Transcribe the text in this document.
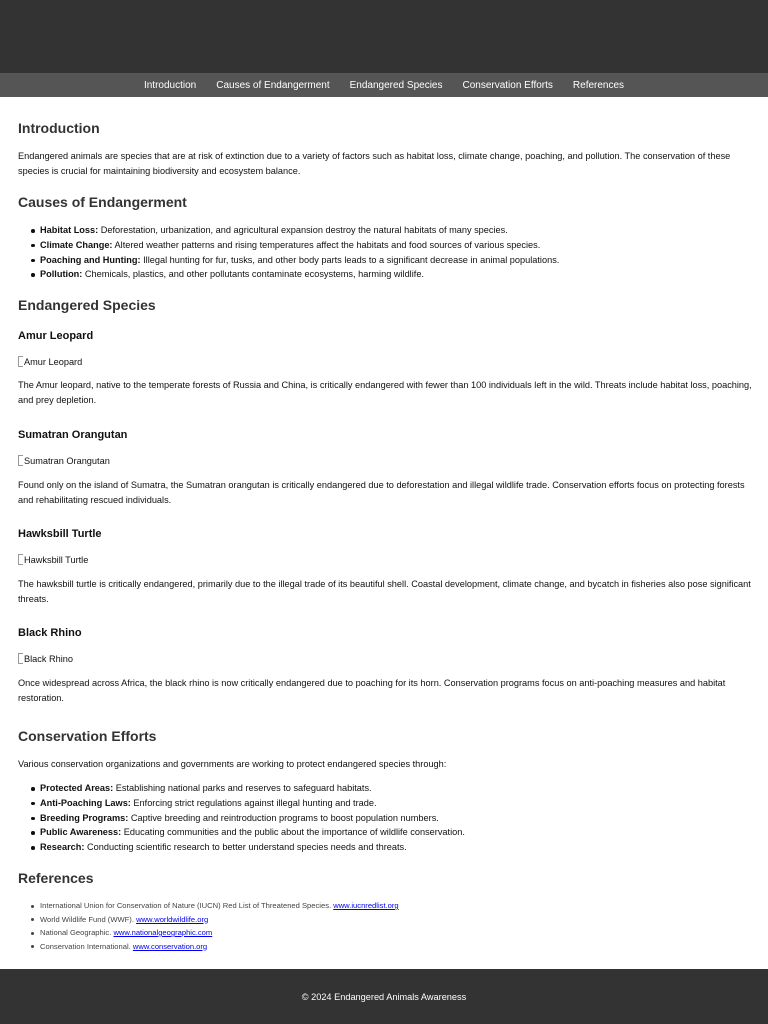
Introduction Causes of Endangerment Endangered Species Conservation Efforts References
Introduction

Endangered animals are species that are at risk of extinction due to a variety of factors such as habitat loss, climate change, poaching, and pollution. The conservation of these species is crucial for maintaining biodiversity and ecosystem balance.

Causes of Endangerment
Habitat Loss: Deforestation, urbanization, and agricultural expansion destroy the natural habitats of many species.
Climate Change: Altered weather patterns and rising temperatures affect the habitats and food sources of various species.
Poaching and Hunting: Illegal hunting for fur, tusks, and other body parts leads to a significant decrease in animal populations.
Pollution: Chemicals, plastics, and other pollutants contaminate ecosystems, harming wildlife.
Endangered Species
Amur Leopard
Amur Leopard

The Amur leopard, native to the temperate forests of Russia and China, is critically endangered with fewer than 100 individuals left in the wild. Threats include habitat loss, poaching, and prey depletion.

Sumatran Orangutan
Sumatran Orangutan

Found only on the island of Sumatra, the Sumatran orangutan is critically endangered due to deforestation and illegal wildlife trade. Conservation efforts focus on protecting forests and rehabilitating rescued individuals.

Hawksbill Turtle
Hawksbill Turtle

The hawksbill turtle is critically endangered, primarily due to the illegal trade of its beautiful shell. Coastal development, climate change, and bycatch in fisheries also pose significant threats.

Black Rhino
Black Rhino

Once widespread across Africa, the black rhino is now critically endangered due to poaching for its horn. Conservation programs focus on anti-poaching measures and habitat restoration.

Conservation Efforts

Various conservation organizations and governments are working to protect endangered species through:

Protected Areas: Establishing national parks and reserves to safeguard habitats.
Anti-Poaching Laws: Enforcing strict regulations against illegal hunting and trade.
Breeding Programs: Captive breeding and reintroduction programs to boost population numbers.
Public Awareness: Educating communities and the public about the importance of wildlife conservation.
Research: Conducting scientific research to better understand species needs and threats.
References
International Union for Conservation of Nature (IUCN) Red List of Threatened Species. www.iucnredlist.org
World Wildlife Fund (WWF). www.worldwildlife.org
National Geographic. www.nationalgeographic.com
Conservation International. www.conservation.org
© 2024 Endangered Animals Awareness
